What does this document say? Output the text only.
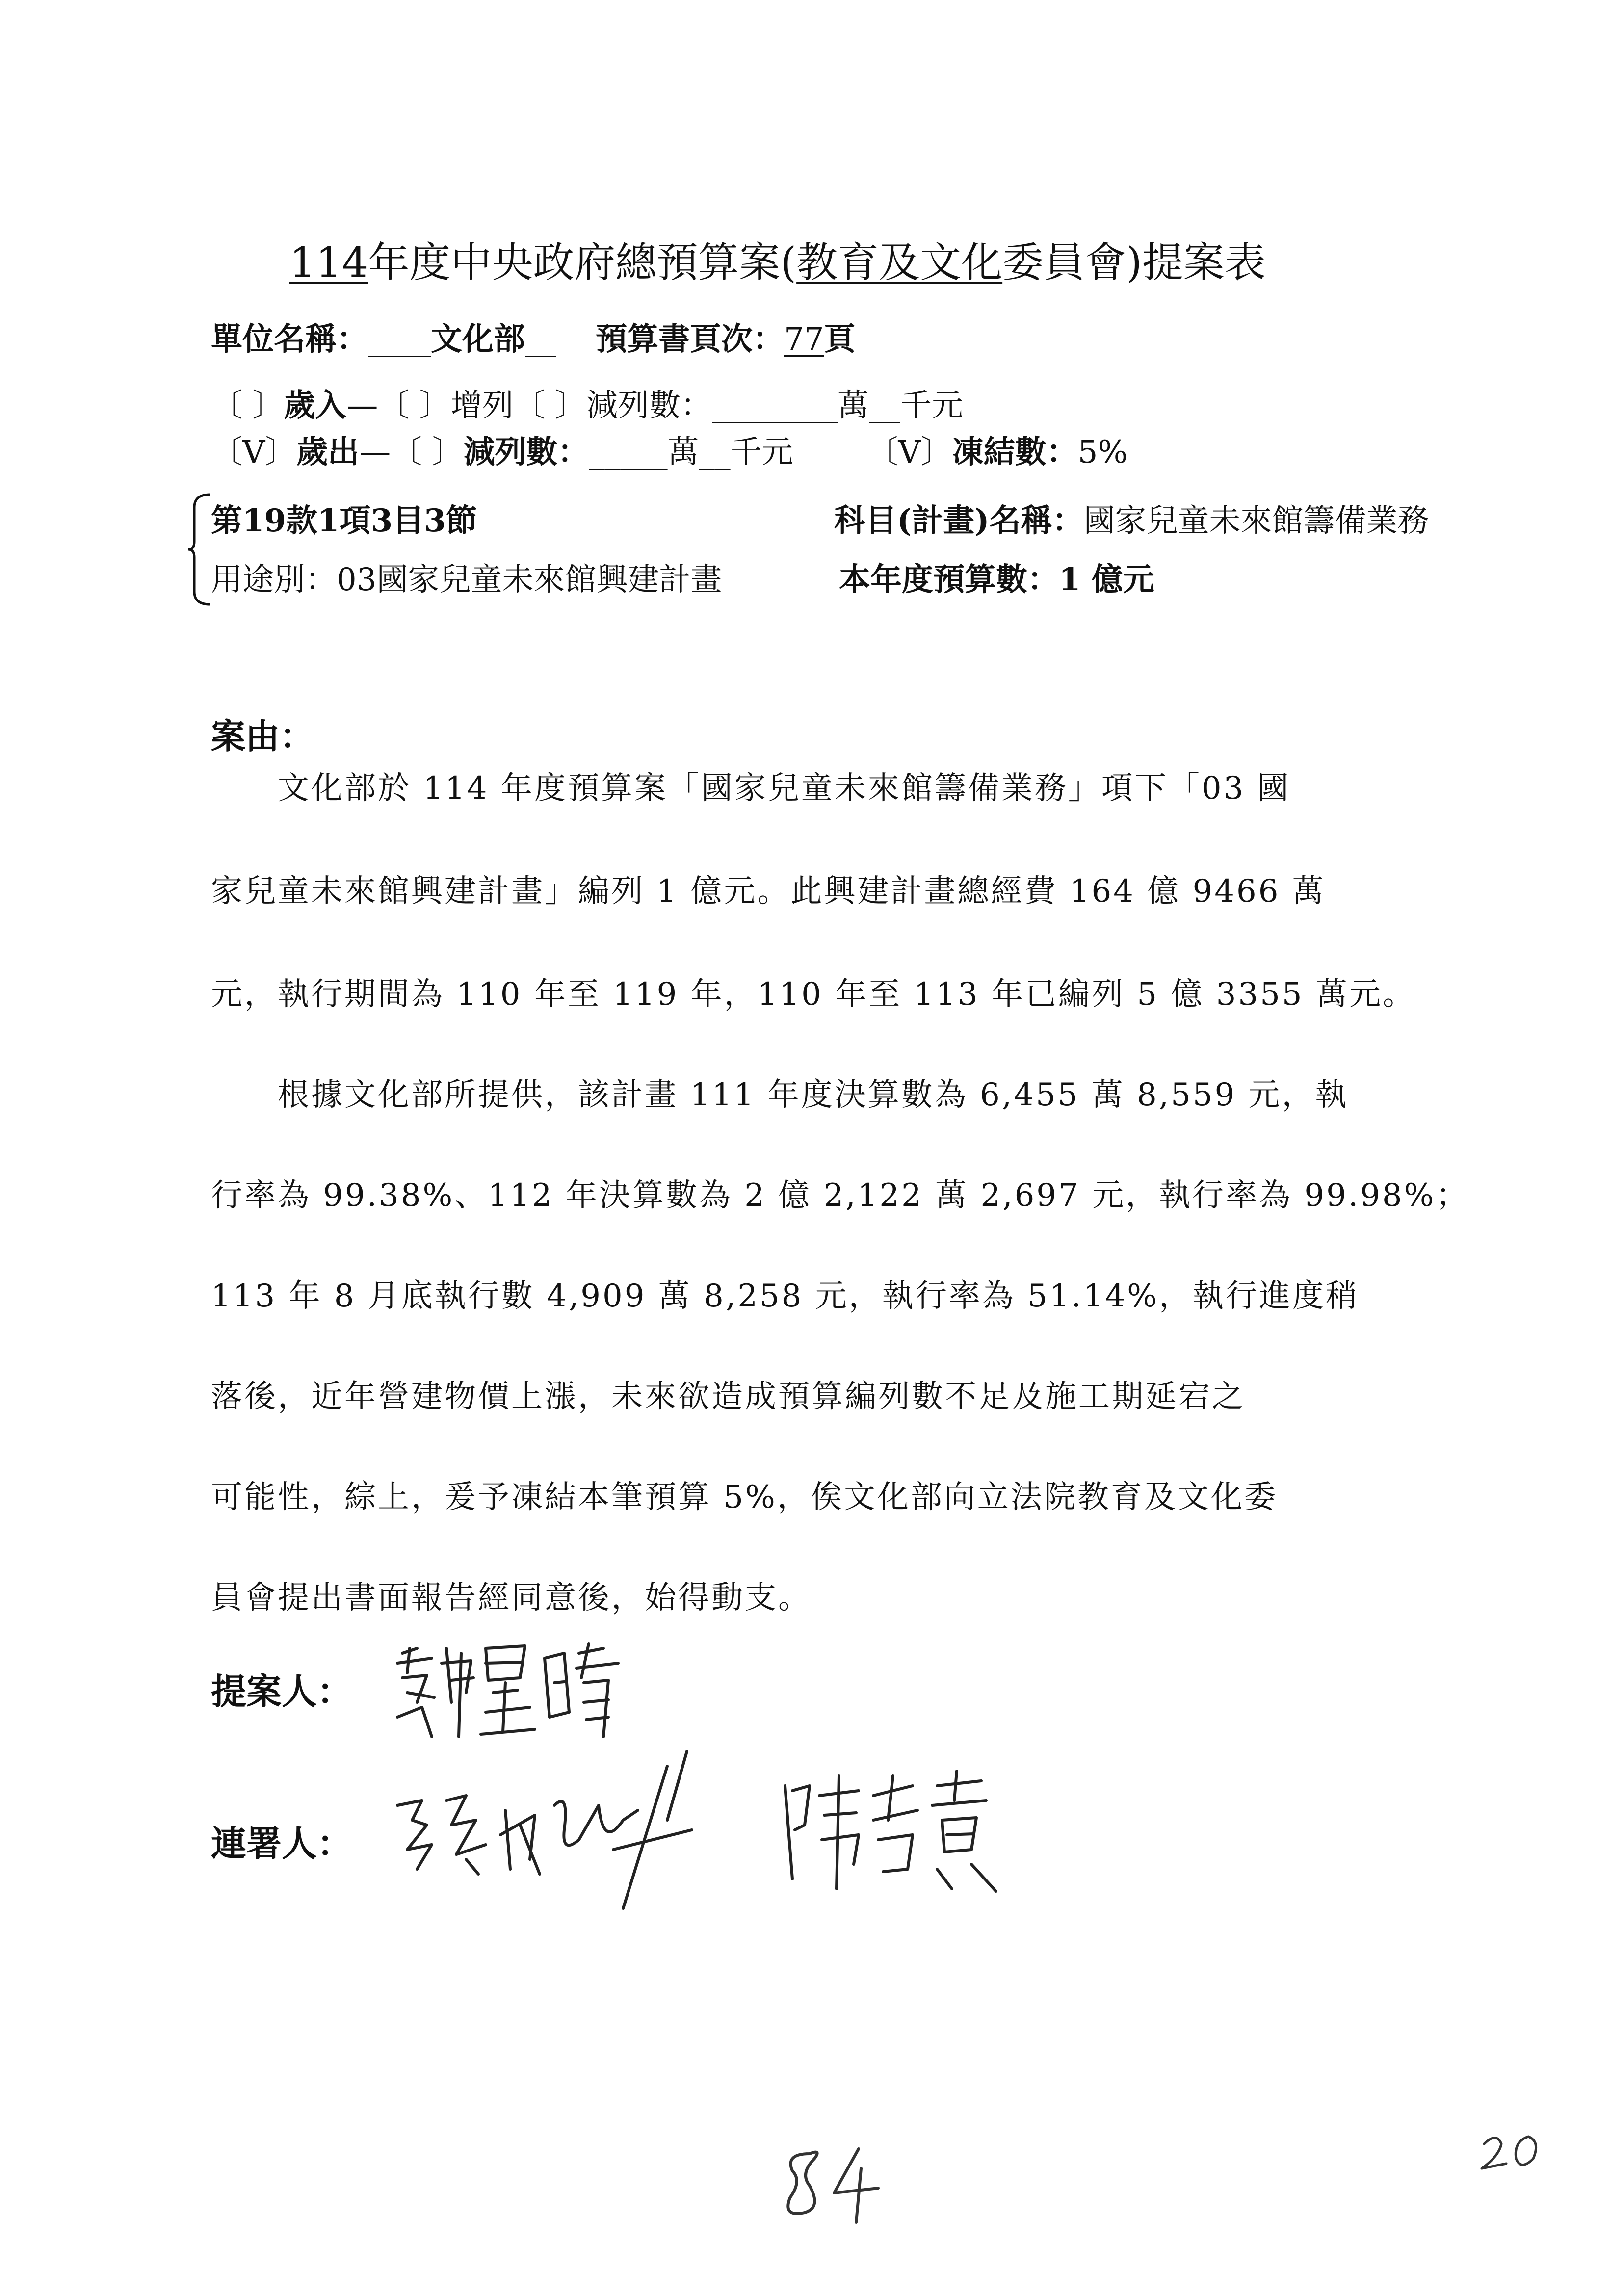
114年度中央政府總預算案(教育及文化委員會)提案表
單位名稱：____文化部__ 預算書頁次：77頁
〔 〕歲入—〔 〕增列〔 〕減列數：________萬__千元
〔V〕歲出—〔 〕減列數：_____萬__千元 〔V〕凍結數：5%
第19款1項3目3節	科目(計畫)名稱：國家兒童未來館籌備業務
用途別：03國家兒童未來館興建計畫	本年度預算數：1 億元
案由：
　　文化部於 114 年度預算案「國家兒童未來館籌備業務」項下「03 國
家兒童未來館興建計畫」編列 1 億元。此興建計畫總經費 164 億 9466 萬
元，執行期間為 110 年至 119 年，110 年至 113 年已編列 5 億 3355 萬元。
　　根據文化部所提供，該計畫 111 年度決算數為 6,455 萬 8,559 元，執
行率為 99.38%、112 年決算數為 2 億 2,122 萬 2,697 元，執行率為 99.98%；
113 年 8 月底執行數 4,909 萬 8,258 元，執行率為 51.14%，執行進度稍
落後，近年營建物價上漲，未來欲造成預算編列數不足及施工期延宕之
可能性，綜上，爰予凍結本筆預算 5%，俟文化部向立法院教育及文化委
員會提出書面報告經同意後，始得動支。
提案人：
連署人：
